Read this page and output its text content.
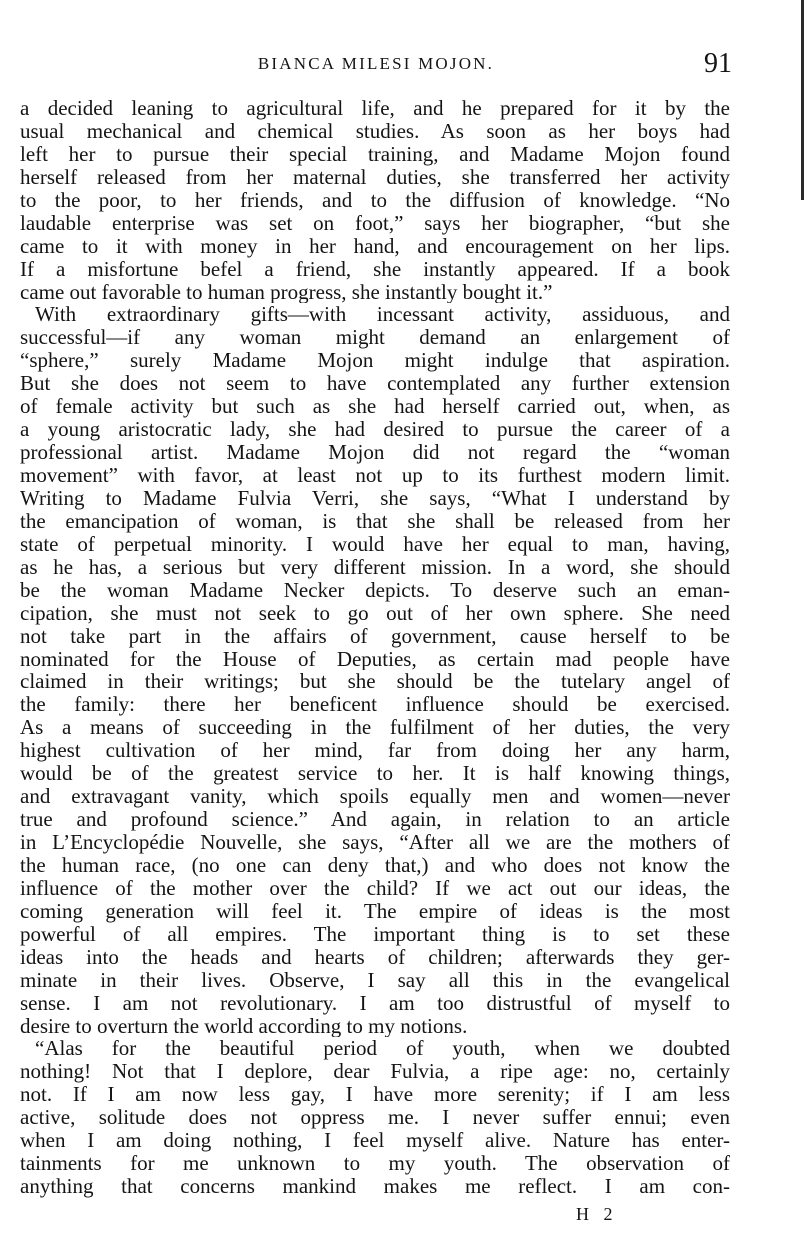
BIANCA MILESI MOJON.	91
a decided leaning to agricultural life, and he prepared for it by the
usual mechanical and chemical studies. As soon as her boys had
left her to pursue their special training, and Madame Mojon found
herself released from her maternal duties, she transferred her activity
to the poor, to her friends, and to the diffusion of knowledge. “No
laudable enterprise was set on foot,” says her biographer, “but she
came to it with money in her hand, and encouragement on her lips.
If a misfortune befel a friend, she instantly appeared. If a book
came out favorable to human progress, she instantly bought it.”
With extraordinary gifts—with incessant activity, assiduous, and
successful—if any woman might demand an enlargement of
“sphere,” surely Madame Mojon might indulge that aspiration.
But she does not seem to have contemplated any further extension
of female activity but such as she had herself carried out, when, as
a young aristocratic lady, she had desired to pursue the career of a
professional artist. Madame Mojon did not regard the “woman
movement” with favor, at least not up to its furthest modern limit.
Writing to Madame Fulvia Verri, she says, “What I understand by
the emancipation of woman, is that she shall be released from her
state of perpetual minority. I would have her equal to man, having,
as he has, a serious but very different mission. In a word, she should
be the woman Madame Necker depicts. To deserve such an eman-
cipation, she must not seek to go out of her own sphere. She need
not take part in the affairs of government, cause herself to be
nominated for the House of Deputies, as certain mad people have
claimed in their writings; but she should be the tutelary angel of
the family: there her beneficent influence should be exercised.
As a means of succeeding in the fulfilment of her duties, the very
highest cultivation of her mind, far from doing her any harm,
would be of the greatest service to her. It is half knowing things,
and extravagant vanity, which spoils equally men and women—never
true and profound science.” And again, in relation to an article
in L’Encyclopédie Nouvelle, she says, “After all we are the mothers of
the human race, (no one can deny that,) and who does not know the
influence of the mother over the child? If we act out our ideas, the
coming generation will feel it. The empire of ideas is the most
powerful of all empires. The important thing is to set these
ideas into the heads and hearts of children; afterwards they ger-
minate in their lives. Observe, I say all this in the evangelical
sense. I am not revolutionary. I am too distrustful of myself to
desire to overturn the world according to my notions.
“Alas for the beautiful period of youth, when we doubted
nothing! Not that I deplore, dear Fulvia, a ripe age: no, certainly
not. If I am now less gay, I have more serenity; if I am less
active, solitude does not oppress me. I never suffer ennui; even
when I am doing nothing, I feel myself alive. Nature has enter-
tainments for me unknown to my youth. The observation of
anything that concerns mankind makes me reflect. I am con-
H 2
